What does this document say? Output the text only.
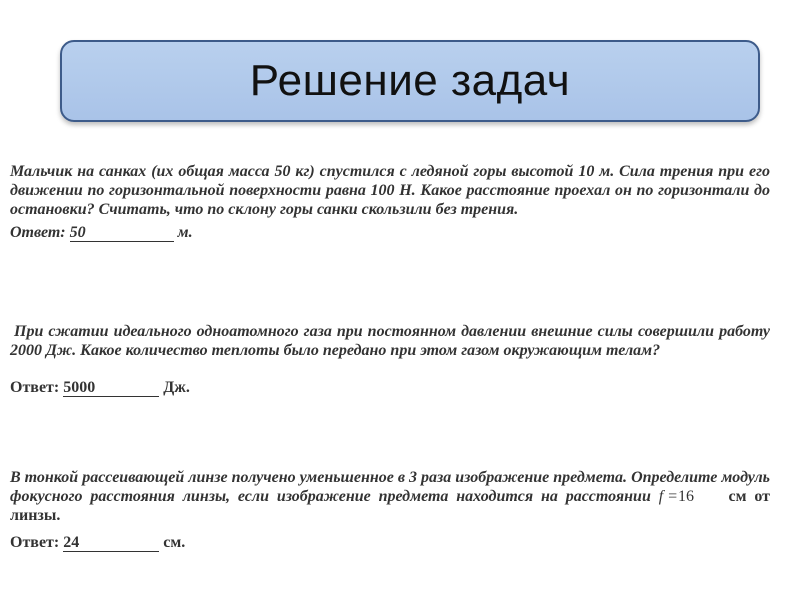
Решение задач
Мальчик на санках (их общая масса 50 кг) спустился с ледяной горы высотой 10 м. Сила трения при его движении по горизонтальной поверхности равна 100 Н. Какое расстояние проехал он по горизонтали до остановки? Считать, что по склону горы санки скользили без трения.
Ответ: 50	м.
При сжатии идеального одноатомного газа при постоянном давлении внешние силы совершили работу 2000 Дж. Какое количество теплоты было передано при этом газом окружающим телам?
Ответ: 5000	Дж.
В тонкой рассеивающей линзе получено уменьшенное в 3 раза изображение предмета. Определите модуль фокусного расстояния линзы, если изображение предмета находится на расстоянии f =16 см от линзы.
Ответ: 24	см.
